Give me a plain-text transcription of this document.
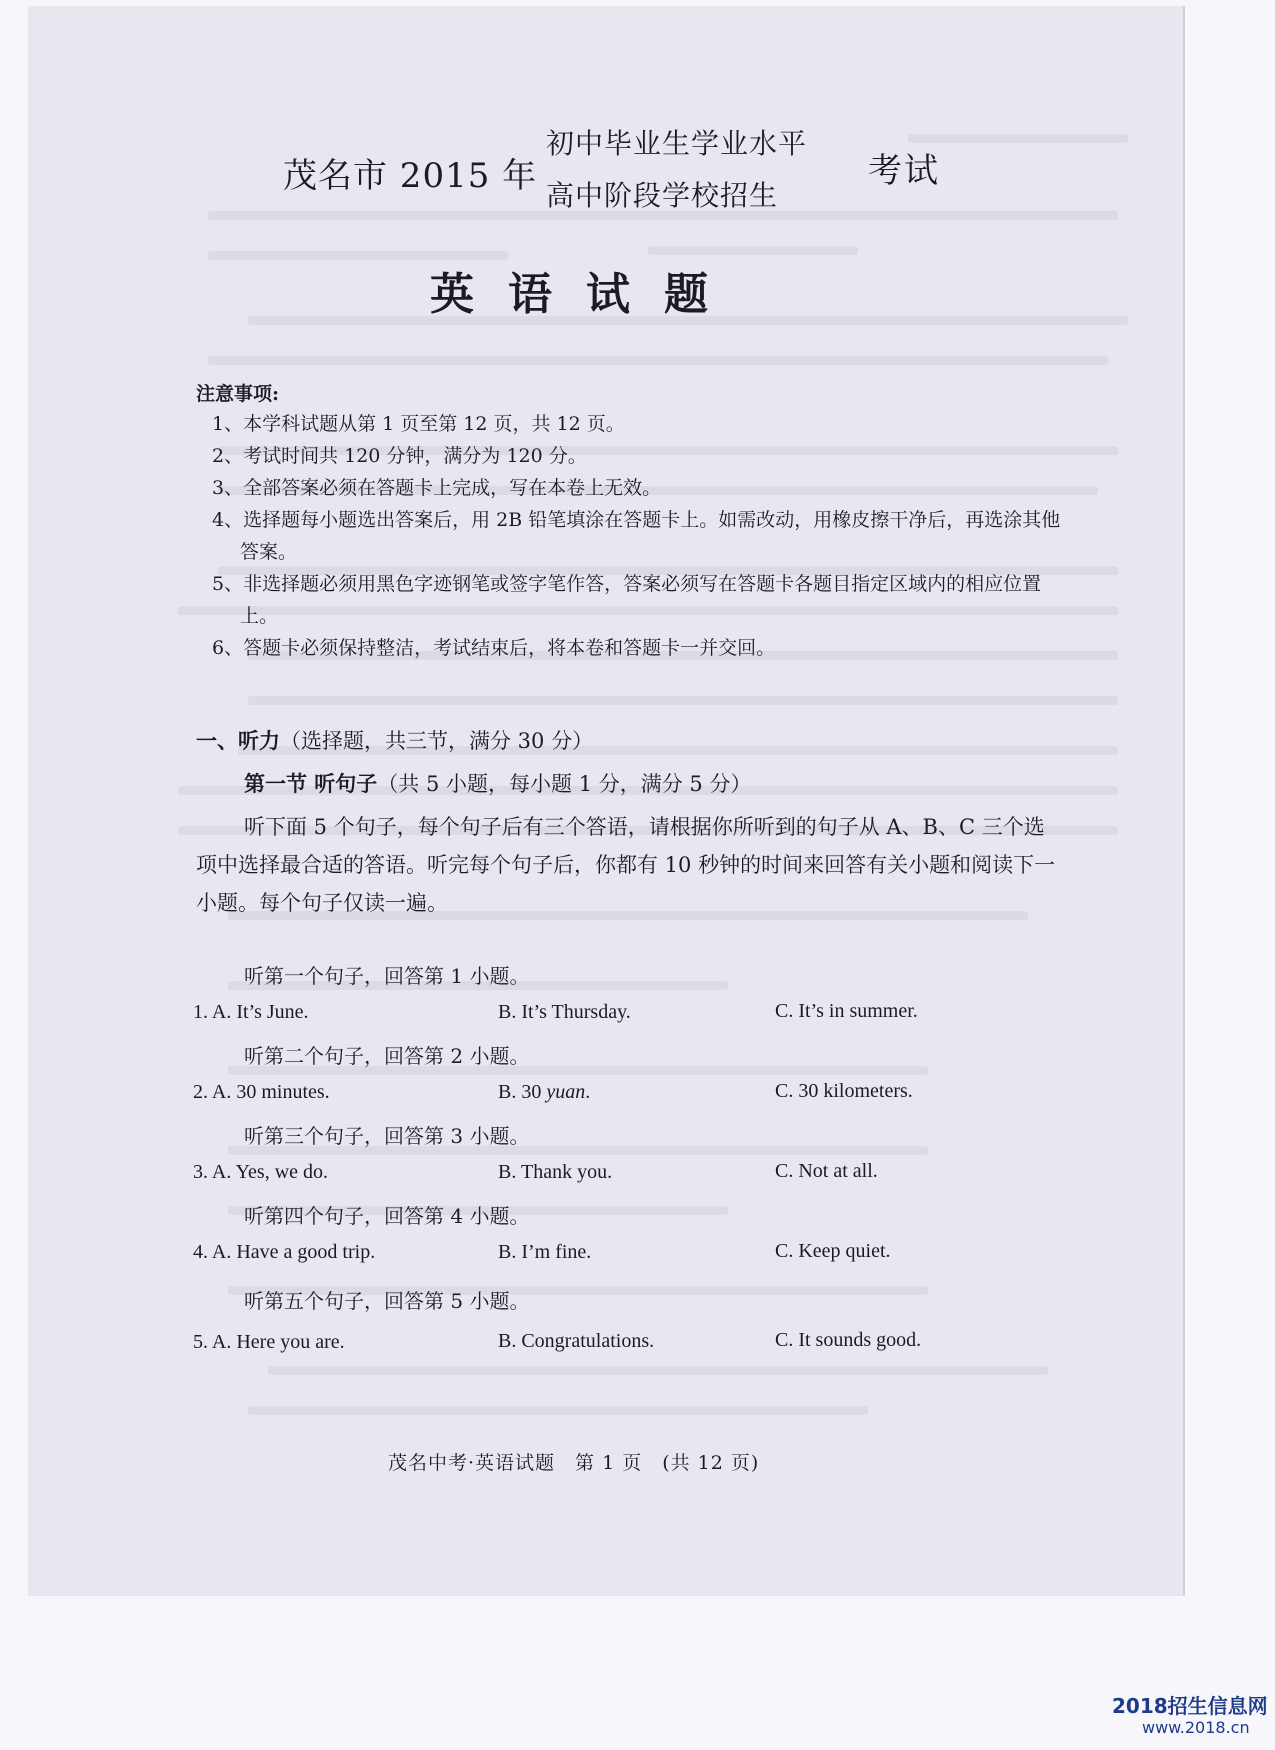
茂名市 2015 年
初中毕业生学业水平
高中阶段学校招生
考试
英语试题
注意事项:
1、本学科试题从第 1 页至第 12 页，共 12 页。
2、考试时间共 120 分钟，满分为 120 分。
3、全部答案必须在答题卡上完成，写在本卷上无效。
4、选择题每小题选出答案后，用 2B 铅笔填涂在答题卡上。如需改动，用橡皮擦干净后，再选涂其他答案。
5、非选择题必须用黑色字迹钢笔或签字笔作答，答案必须写在答题卡各题目指定区域内的相应位置上。
6、答题卡必须保持整洁，考试结束后，将本卷和答题卡一并交回。
一、听力（选择题，共三节，满分 30 分）
第一节 听句子（共 5 小题，每小题 1 分，满分 5 分）
听下面 5 个句子，每个句子后有三个答语，请根据你所听到的句子从 A、B、C 三个选项中选择最合适的答语。听完每个句子后，你都有 10 秒钟的时间来回答有关小题和阅读下一小题。每个句子仅读一遍。
听第一个句子，回答第 1 小题。
1. A. It’s June.	B. It’s Thursday.	C. It’s in summer.
听第二个句子，回答第 2 小题。
2. A. 30 minutes.	B. 30 yuan.	C. 30 kilometers.
听第三个句子，回答第 3 小题。
3. A. Yes, we do.	B. Thank you.	C. Not at all.
听第四个句子，回答第 4 小题。
4. A. Have a good trip.	B. I’m fine.	C. Keep quiet.
听第五个句子，回答第 5 小题。
5. A. Here you are.	B. Congratulations.	C. It sounds good.
茂名中考·英语试题　第 1 页　(共 12 页)
2018招生信息网
www.2018.cn
